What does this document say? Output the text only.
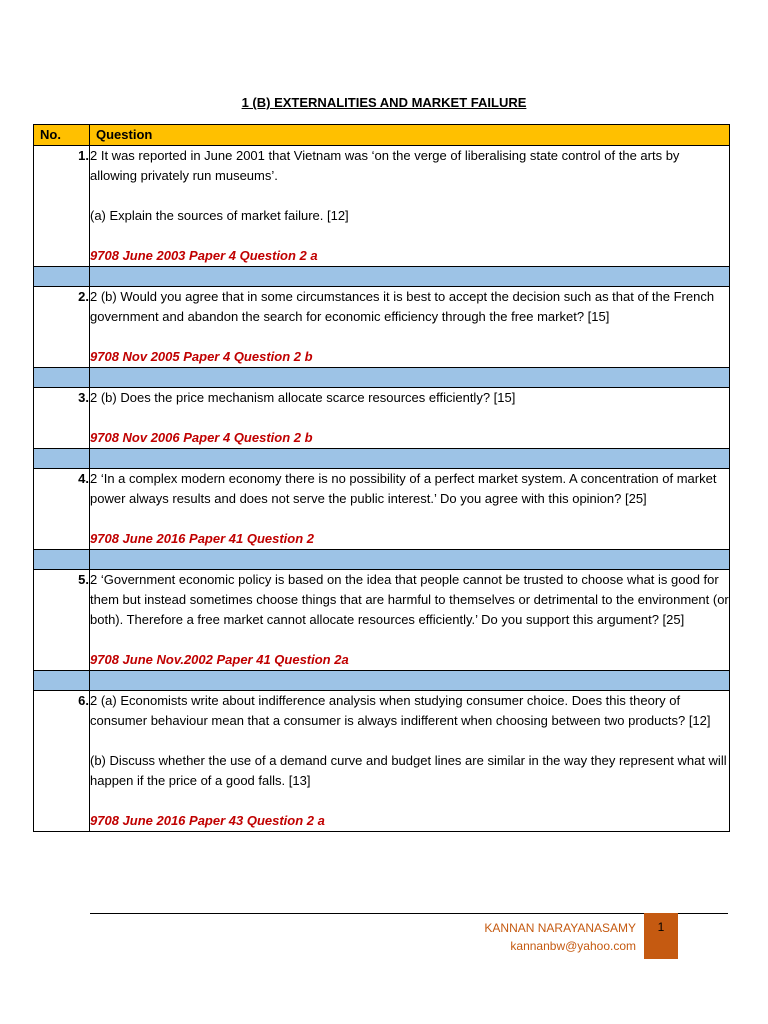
1 (B) EXTERNALITIES AND MARKET FAILURE
No.	Question
1.	2 It was reported in June 2001 that Vietnam was ‘on the verge of liberalising state control of the arts by allowing privately run museums’.

(a) Explain the sources of market failure. [12]

9708 June 2003 Paper 4 Question 2 a

2.	2 (b) Would you agree that in some circumstances it is best to accept the decision such as that of the French government and abandon the search for economic efficiency through the free market? [15]

9708 Nov 2005 Paper 4 Question 2 b

3.	2 (b) Does the price mechanism allocate scarce resources efficiently? [15]

9708 Nov 2006 Paper 4 Question 2 b

4.	2 ‘In a complex modern economy there is no possibility of a perfect market system. A concentration of market power always results and does not serve the public interest.’ Do you agree with this opinion? [25]

9708 June 2016 Paper 41 Question 2

5.	2 ‘Government economic policy is based on the idea that people cannot be trusted to choose what is good for them but instead sometimes choose things that are harmful to themselves or detrimental to the environment (or both). Therefore a free market cannot allocate resources efficiently.’ Do you support this argument? [25]

9708 June Nov.2002 Paper 41 Question 2a

6.	2 (a) Economists write about indifference analysis when studying consumer choice. Does this theory of consumer behaviour mean that a consumer is always indifferent when choosing between two products? [12]

(b) Discuss whether the use of a demand curve and budget lines are similar in the way they represent what will happen if the price of a good falls. [13]

9708 June 2016 Paper 43 Question 2 a

KANNAN NARAYANASAMY
kannanbw@yahoo.com
1
